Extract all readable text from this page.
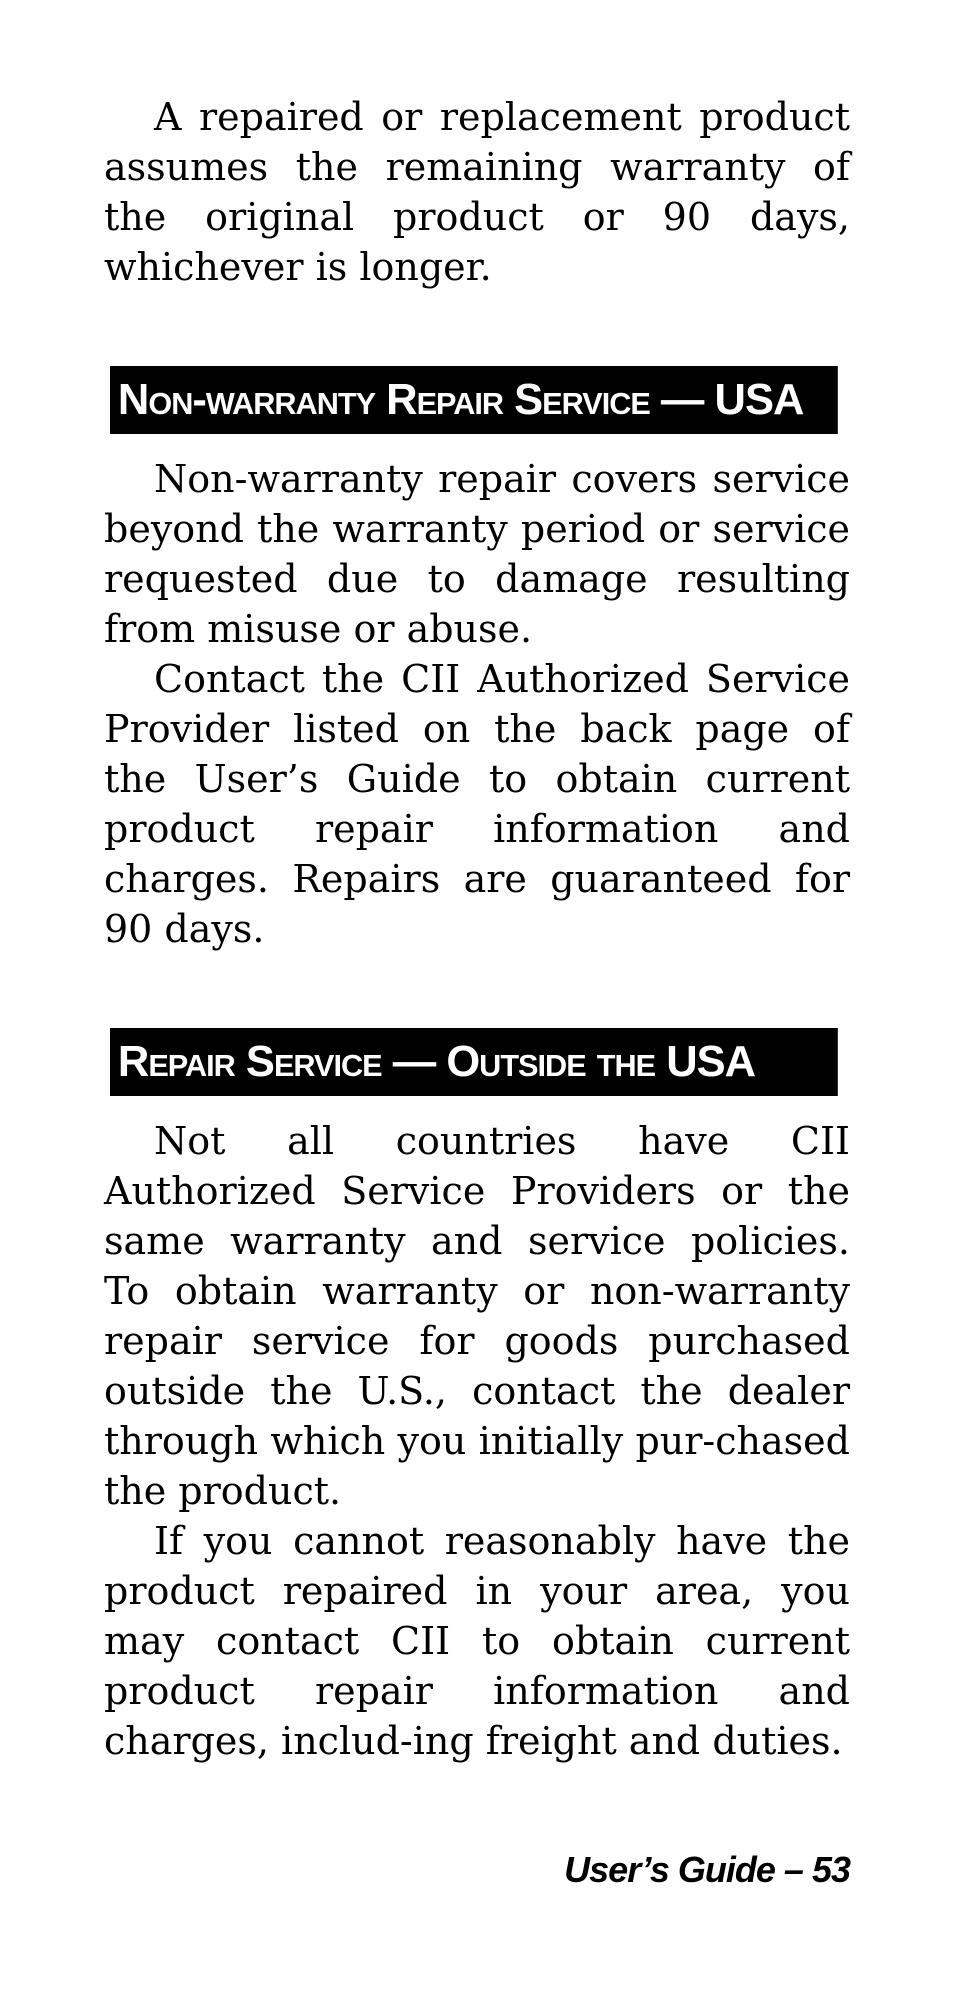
A repaired or replacement product assumes the remaining warranty of the original product or 90 days, whichever is longer.

Non-warranty Repair Service — USA

Non-warranty repair covers service beyond the warranty period or service requested due to damage resulting from misuse or abuse.

Contact the CII Authorized Service Provider listed on the back page of the User’s Guide to obtain current product repair information and charges. Repairs are guaranteed for 90 days.

Repair Service — Outside the USA

Not all countries have CII Authorized Service Providers or the same warranty and service policies. To obtain warranty or non-warranty repair service for goods purchased outside the U.S., contact the dealer through which you initially pur-chased the product.

If you cannot reasonably have the product repaired in your area, you may contact CII to obtain current product repair information and charges, includ-ing freight and duties.

User’s Guide – 53
